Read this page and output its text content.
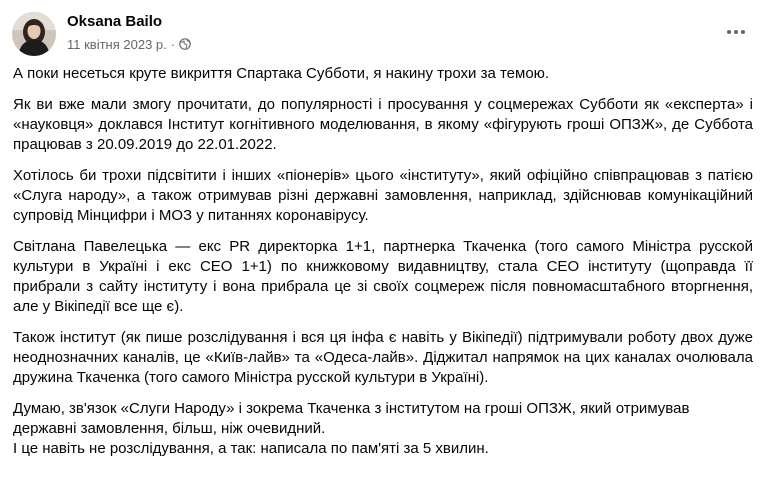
Oksana Bailo
11 квітня 2023 р. ·

А поки несеться круте викриття Спартака Субботи, я накину трохи за темою.

Як ви вже мали змогу прочитати, до популярності і просування у соцмережах Субботи як «експерта» і «науковця» доклався Інститут когнітивного моделювання, в якому «фігурують гроші ОПЗЖ», де Суббота працював з 20.09.2019 до 22.01.2022.

Хотілось би трохи підсвітити і інших «піонерів» цього «інституту», який офіційно співпрацював з патією «Слуга народу», а також отримував різні державні замовлення, наприклад, здійснював комунікаційний супровід Мінцифри і МОЗ у питаннях коронавірусу.

Світлана Павелецька — екс PR директорка 1+1, партнерка Ткаченка (того самого Міністра русской культури в Україні і екс CEO 1+1) по книжковому видавництву, стала CEO інституту (щоправда її прибрали з сайту інституту і вона прибрала це зі своїх соцмереж після повномасштабного вторгнення, але у Вікіпедії все ще є).

Також інститут (як пише розслідування і вся ця інфа є навіть у Вікіпедії) підтримували роботу двох дуже неоднозначних каналів, це «Київ-лайв» та «Одеса-лайв». Діджитал напрямок на цих каналах очолювала дружина Ткаченка (того самого Міністра русской культури в Україні).

Думаю, зв'язок «Слуги Народу» і зокрема Ткаченка з інститутом на гроші ОПЗЖ, який отримував державні замовлення, більш, ніж очевидний.
І це навіть не розслідування, а так: написала по пам'яті за 5 хвилин.
